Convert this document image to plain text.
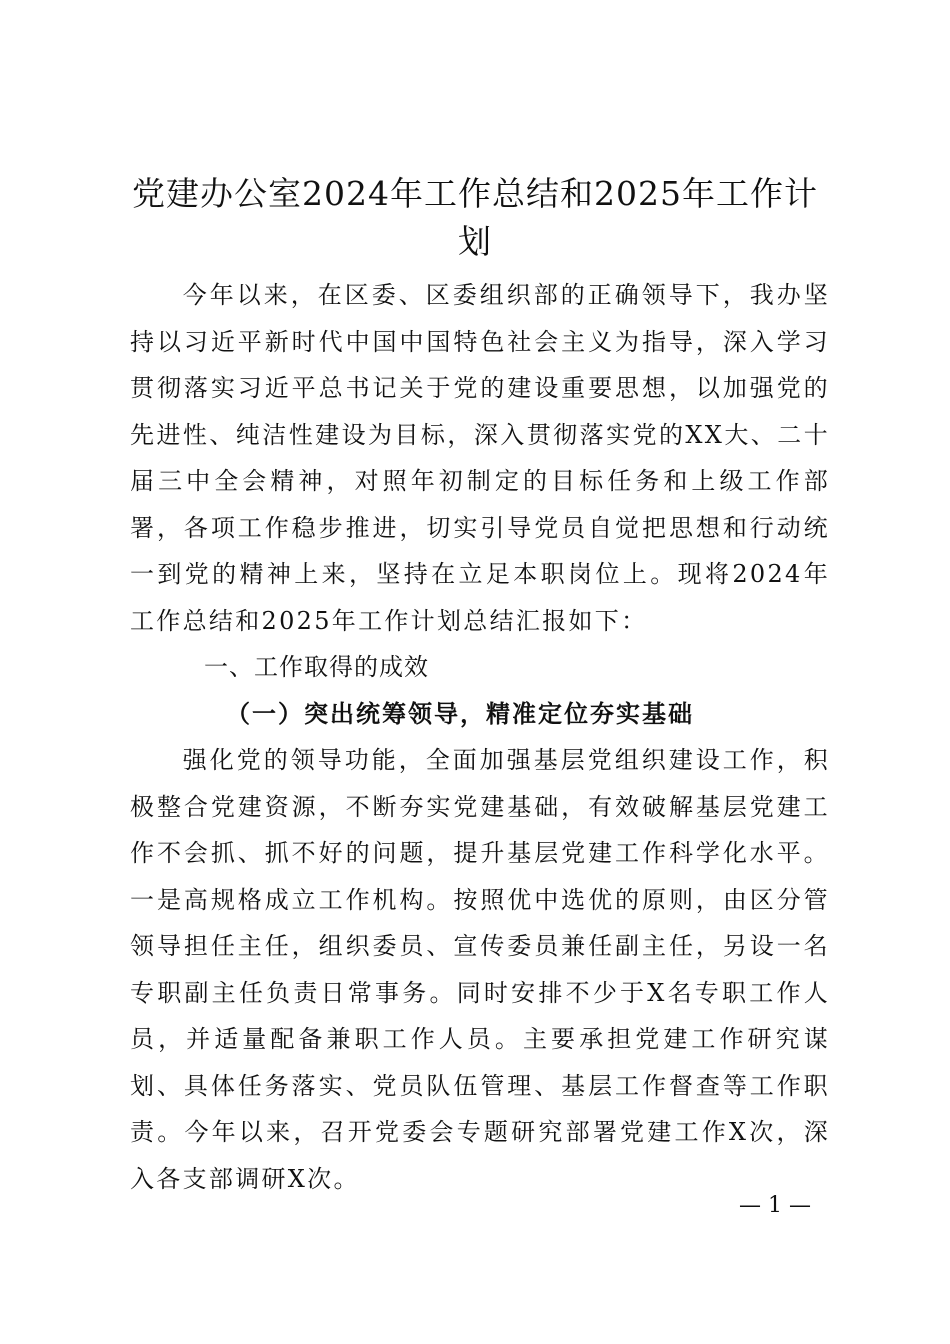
党建办公室2024年工作总结和2025年工作计划

今年以来，在区委、区委组织部的正确领导下，我办坚持以习近平新时代中国中国特色社会主义为指导，深入学习贯彻落实习近平总书记关于党的建设重要思想，以加强党的先进性、纯洁性建设为目标，深入贯彻落实党的XX大、二十届三中全会精神，对照年初制定的目标任务和上级工作部署，各项工作稳步推进，切实引导党员自觉把思想和行动统一到党的精神上来，坚持在立足本职岗位上。现将2024年工作总结和2025年工作计划总结汇报如下：

一、工作取得的成效

（一）突出统筹领导，精准定位夯实基础

强化党的领导功能，全面加强基层党组织建设工作，积极整合党建资源，不断夯实党建基础，有效破解基层党建工作不会抓、抓不好的问题，提升基层党建工作科学化水平。一是高规格成立工作机构。按照优中选优的原则，由区分管领导担任主任，组织委员、宣传委员兼任副主任，另设一名专职副主任负责日常事务。同时安排不少于X名专职工作人员，并适量配备兼职工作人员。主要承担党建工作研究谋划、具体任务落实、党员队伍管理、基层工作督查等工作职责。今年以来，召开党委会专题研究部署党建工作X次，深入各支部调研X次。

— 1 —
